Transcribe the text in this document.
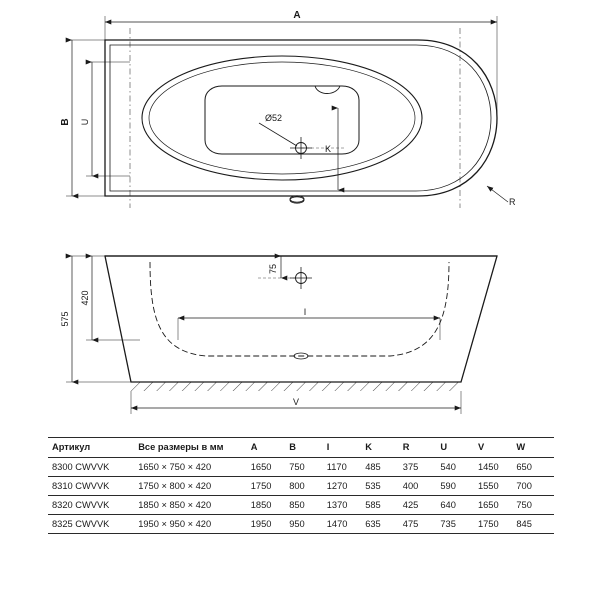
Ø52
K
A
B U
R
75
575
420
I
V
Артикул	Все размеры в мм	A	B	I	K	R	U	V	W
8300 CWVVK	1650 × 750 × 420	1650	750	1170	485	375	540	1450	650
8310 CWVVK	1750 × 800 × 420	1750	800	1270	535	400	590	1550	700
8320 CWVVK	1850 × 850 × 420	1850	850	1370	585	425	640	1650	750
8325 CWVVK	1950 × 950 × 420	1950	950	1470	635	475	735	1750	845
